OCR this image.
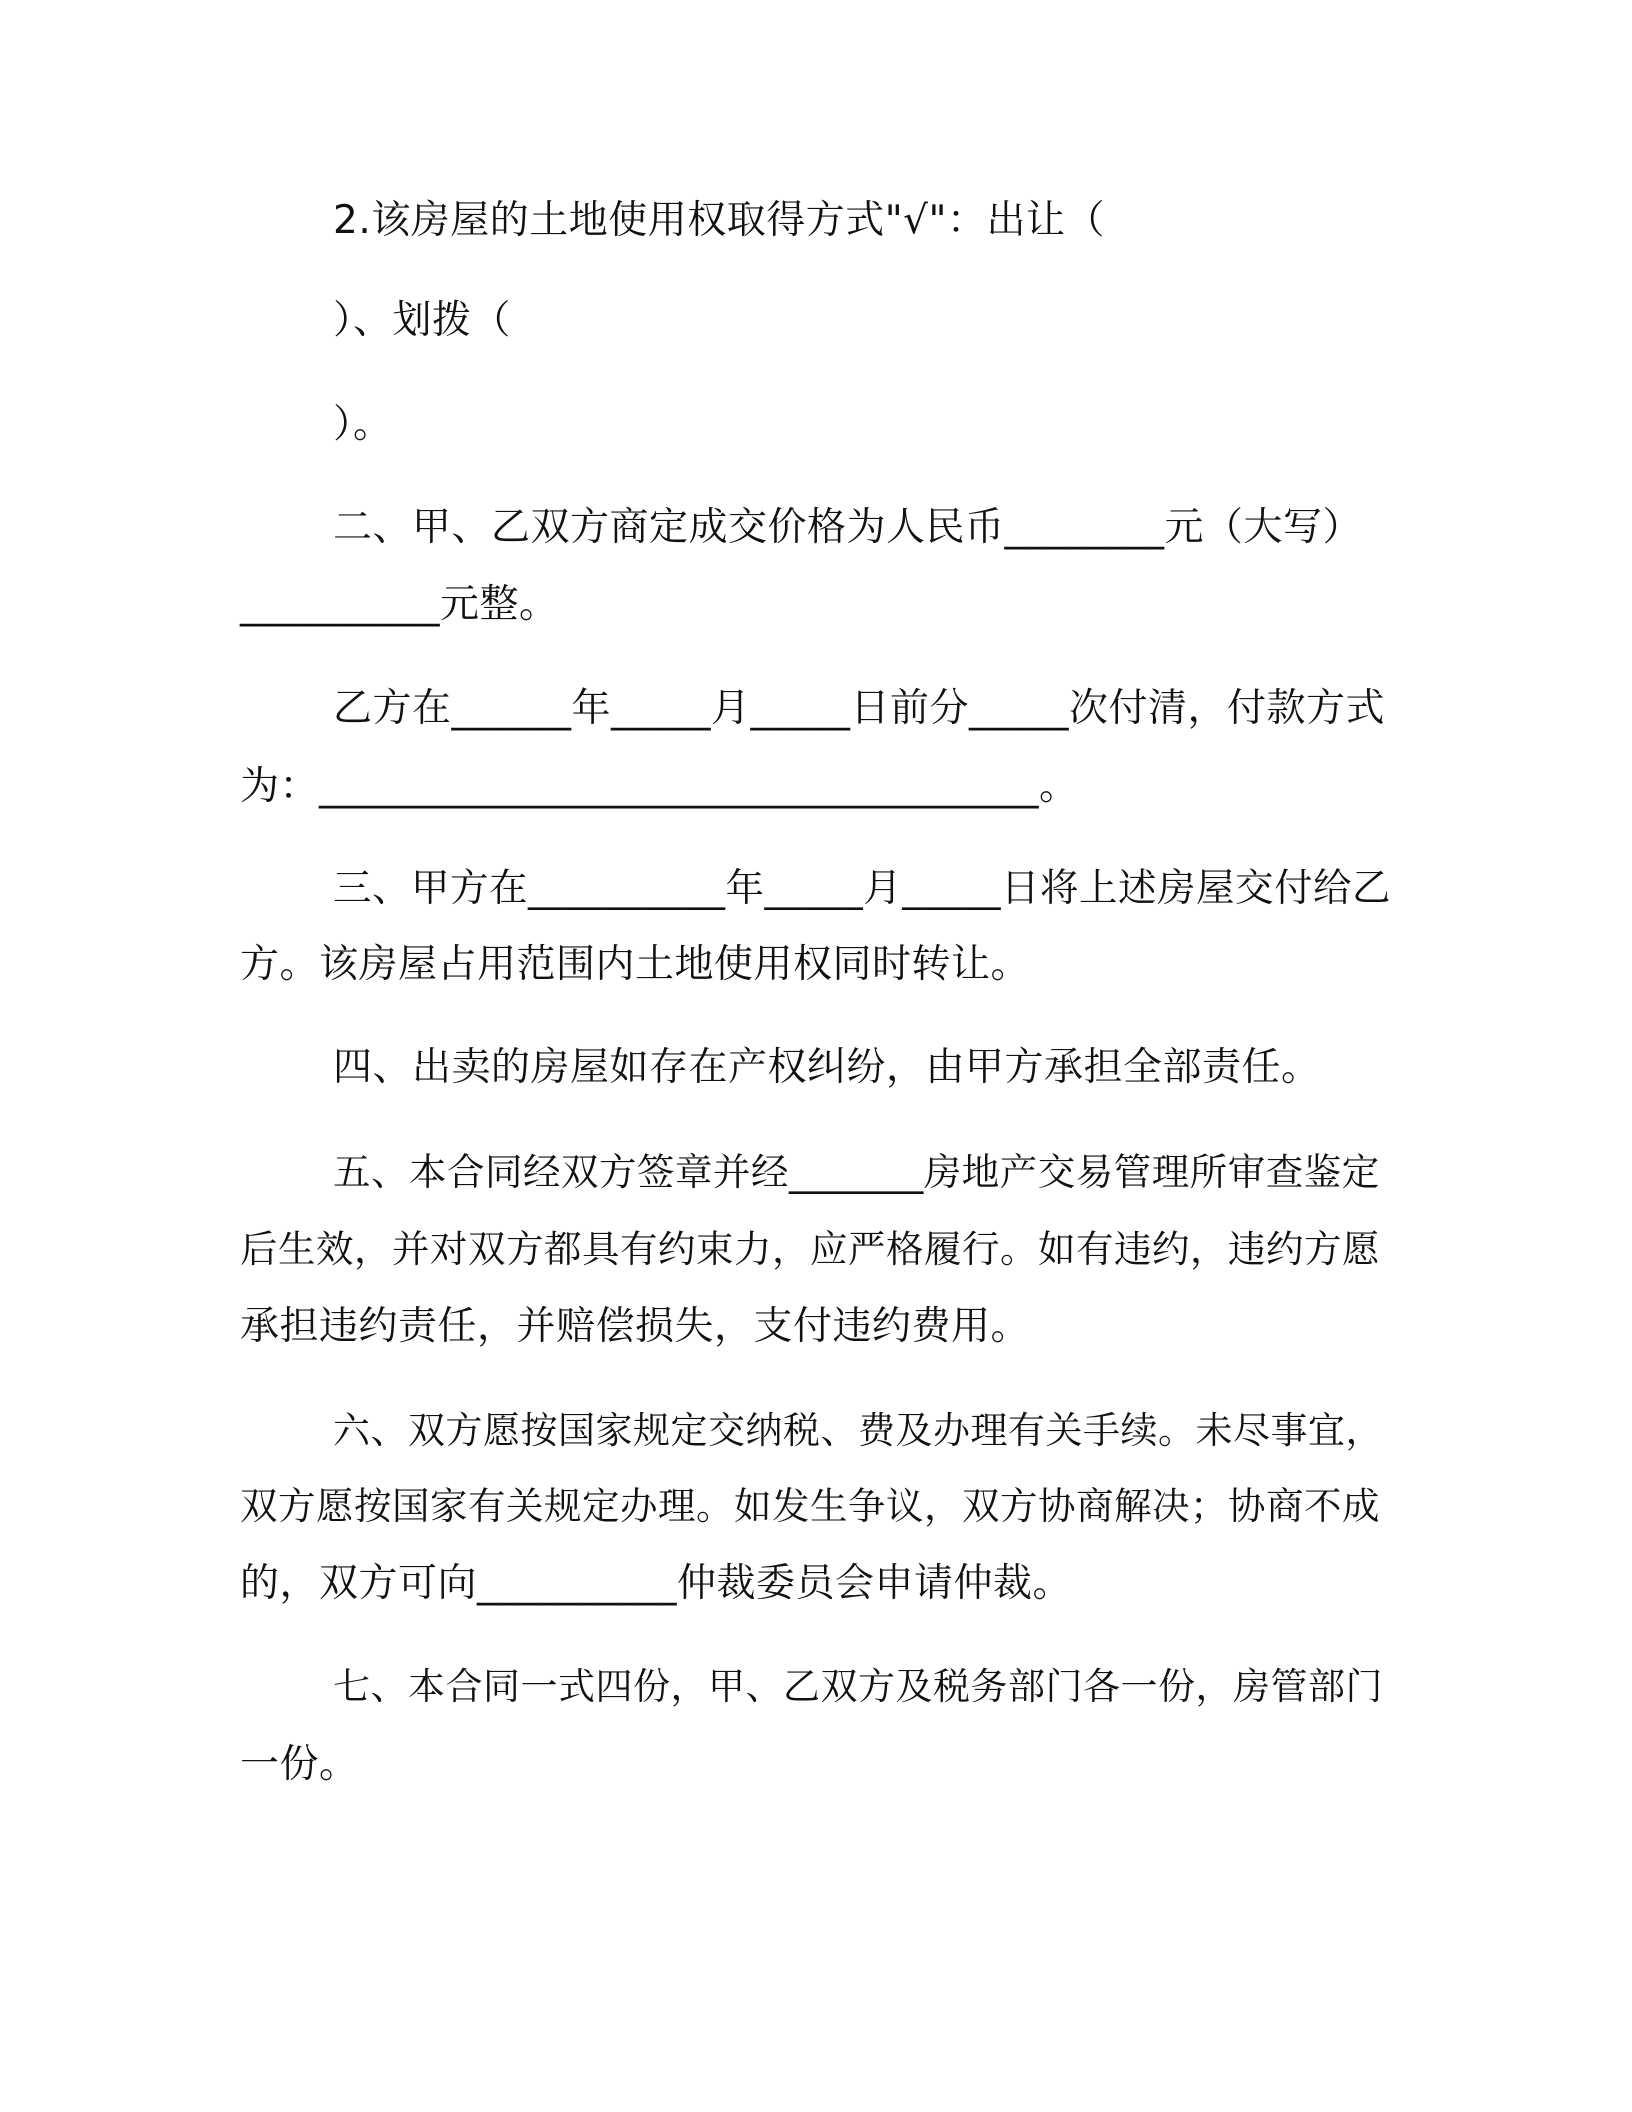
2.该房屋的土地使用权取得方式"√"：出让（
）、划拨（
）。
二、甲、乙双方商定成交价格为人民币________元（大写）
__________元整。
乙方在______年_____月_____日前分_____次付清，付款方式
为：____________________________________。
三、甲方在__________年_____月_____日将上述房屋交付给乙
方。该房屋占用范围内土地使用权同时转让。
四、出卖的房屋如存在产权纠纷，由甲方承担全部责任。
五、本合同经双方签章并经_______房地产交易管理所审查鉴定
后生效，并对双方都具有约束力，应严格履行。如有违约，违约方愿
承担违约责任，并赔偿损失，支付违约费用。
六、双方愿按国家规定交纳税、费及办理有关手续。未尽事宜，
双方愿按国家有关规定办理。如发生争议，双方协商解决；协商不成
的，双方可向__________仲裁委员会申请仲裁。
七、本合同一式四份，甲、乙双方及税务部门各一份，房管部门
一份。
